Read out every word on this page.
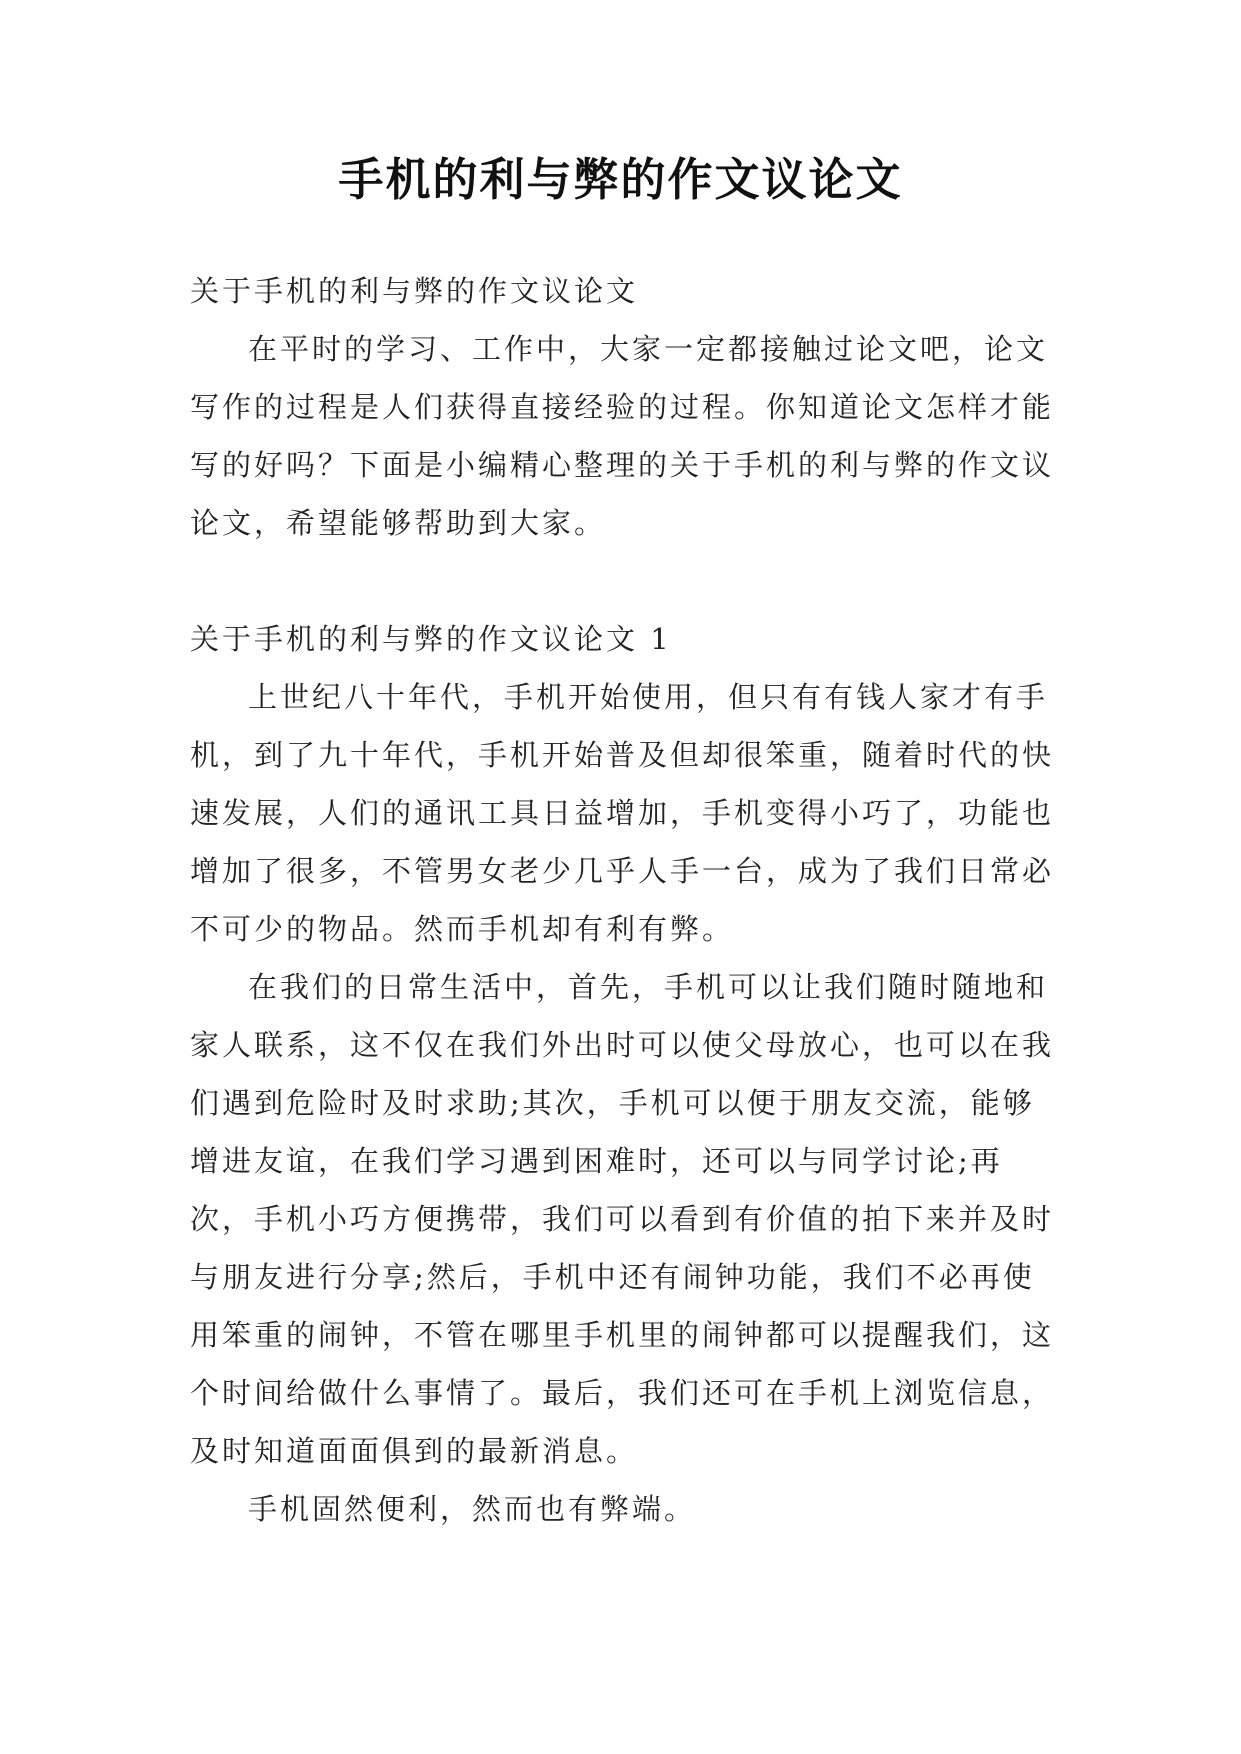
手机的利与弊的作文议论文

关于手机的利与弊的作文议论文

在平时的学习、工作中，大家一定都接触过论文吧，论文写作的过程是人们获得直接经验的过程。你知道论文怎样才能写的好吗？下面是小编精心整理的关于手机的利与弊的作文议论文，希望能够帮助到大家。

关于手机的利与弊的作文议论文 1

上世纪八十年代，手机开始使用，但只有有钱人家才有手机，到了九十年代，手机开始普及但却很笨重，随着时代的快速发展，人们的通讯工具日益增加，手机变得小巧了，功能也增加了很多，不管男女老少几乎人手一台，成为了我们日常必不可少的物品。然而手机却有利有弊。

在我们的日常生活中，首先，手机可以让我们随时随地和家人联系，这不仅在我们外出时可以使父母放心，也可以在我们遇到危险时及时求助;其次，手机可以便于朋友交流，能够增进友谊，在我们学习遇到困难时，还可以与同学讨论;再次，手机小巧方便携带，我们可以看到有价值的拍下来并及时与朋友进行分享;然后，手机中还有闹钟功能，我们不必再使用笨重的闹钟，不管在哪里手机里的闹钟都可以提醒我们，这个时间给做什么事情了。最后，我们还可在手机上浏览信息，及时知道面面俱到的最新消息。

手机固然便利，然而也有弊端。
